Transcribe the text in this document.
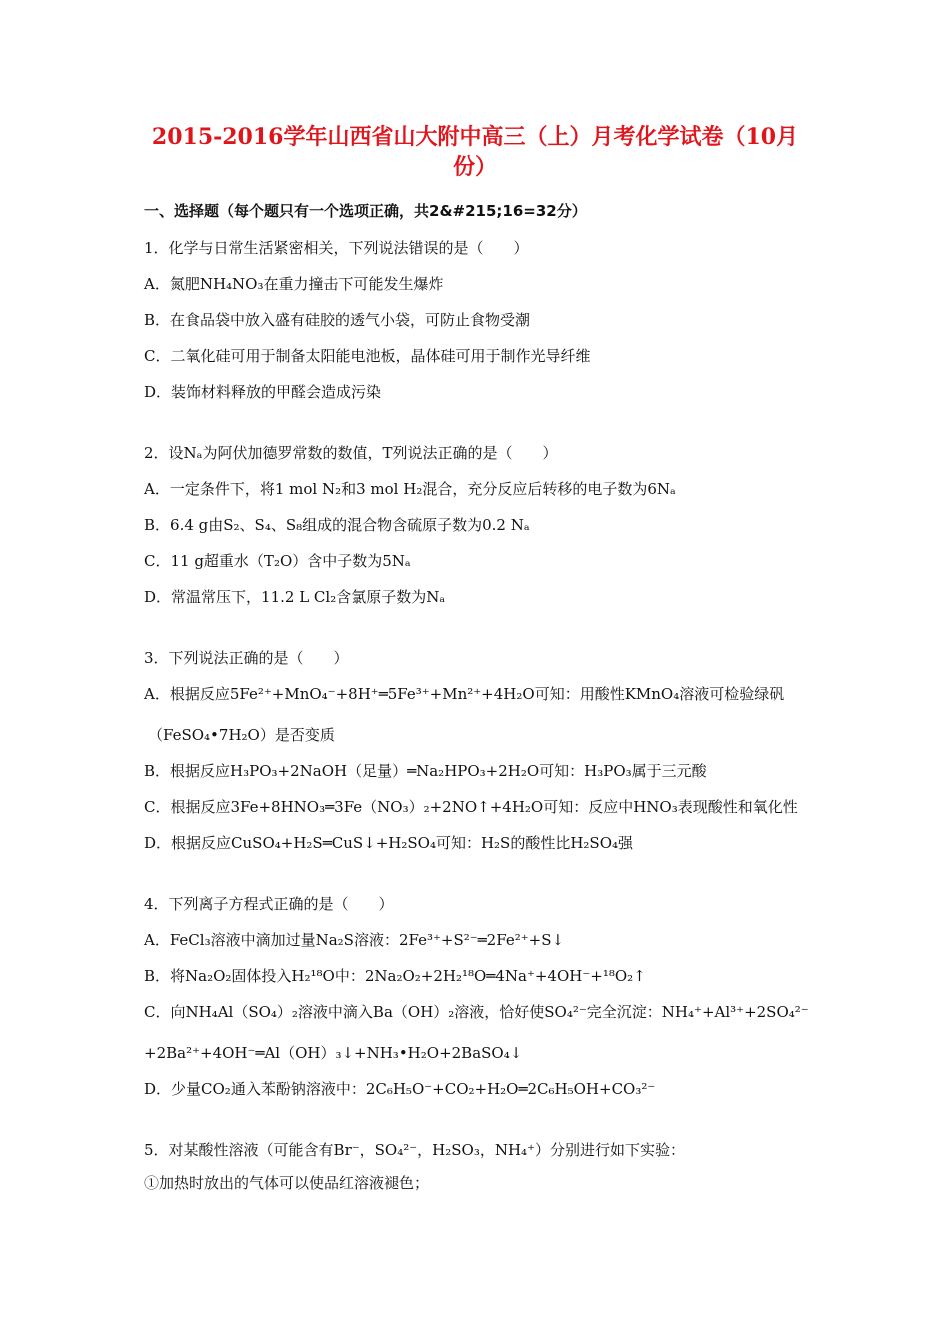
2015-2016学年山西省山大附中高三（上）月考化学试卷（10月
份）
一、选择题（每个题只有一个选项正确，共2&#215;16=32分）
1．化学与日常生活紧密相关，下列说法错误的是（　　）
A．氮肥NH₄NO₃在重力撞击下可能发生爆炸
B．在食品袋中放入盛有硅胶的透气小袋，可防止食物受潮
C．二氧化硅可用于制备太阳能电池板，晶体硅可用于制作光导纤维
D．装饰材料释放的甲醛会造成污染
2．设Nₐ为阿伏加德罗常数的数值，T列说法正确的是（　　）
A．一定条件下，将1 mol N₂和3 mol H₂混合，充分反应后转移的电子数为6Nₐ
B．6.4 g由S₂、S₄、S₈组成的混合物含硫原子数为0.2 Nₐ
C．11 g超重水（T₂O）含中子数为5Nₐ
D．常温常压下，11.2 L Cl₂含氯原子数为Nₐ
3．下列说法正确的是（　　）
A．根据反应5Fe²⁺+MnO₄⁻+8H⁺═5Fe³⁺+Mn²⁺+4H₂O可知：用酸性KMnO₄溶液可检验绿矾
（FeSO₄•7H₂O）是否变质
B．根据反应H₃PO₃+2NaOH（足量）═Na₂HPO₃+2H₂O可知：H₃PO₃属于三元酸
C．根据反应3Fe+8HNO₃═3Fe（NO₃）₂+2NO↑+4H₂O可知：反应中HNO₃表现酸性和氧化性
D．根据反应CuSO₄+H₂S═CuS↓+H₂SO₄可知：H₂S的酸性比H₂SO₄强
4．下列离子方程式正确的是（　　）
A．FeCl₃溶液中滴加过量Na₂S溶液：2Fe³⁺+S²⁻═2Fe²⁺+S↓
B．将Na₂O₂固体投入H₂¹⁸O中：2Na₂O₂+2H₂¹⁸O═4Na⁺+4OH⁻+¹⁸O₂↑
C．向NH₄Al（SO₄）₂溶液中滴入Ba（OH）₂溶液，恰好使SO₄²⁻完全沉淀：NH₄⁺+Al³⁺+2SO₄²⁻
+2Ba²⁺+4OH⁻═Al（OH）₃↓+NH₃•H₂O+2BaSO₄↓
D．少量CO₂通入苯酚钠溶液中：2C₆H₅O⁻+CO₂+H₂O═2C₆H₅OH+CO₃²⁻
5．对某酸性溶液（可能含有Br⁻，SO₄²⁻，H₂SO₃，NH₄⁺）分别进行如下实验：
①加热时放出的气体可以使品红溶液褪色；
